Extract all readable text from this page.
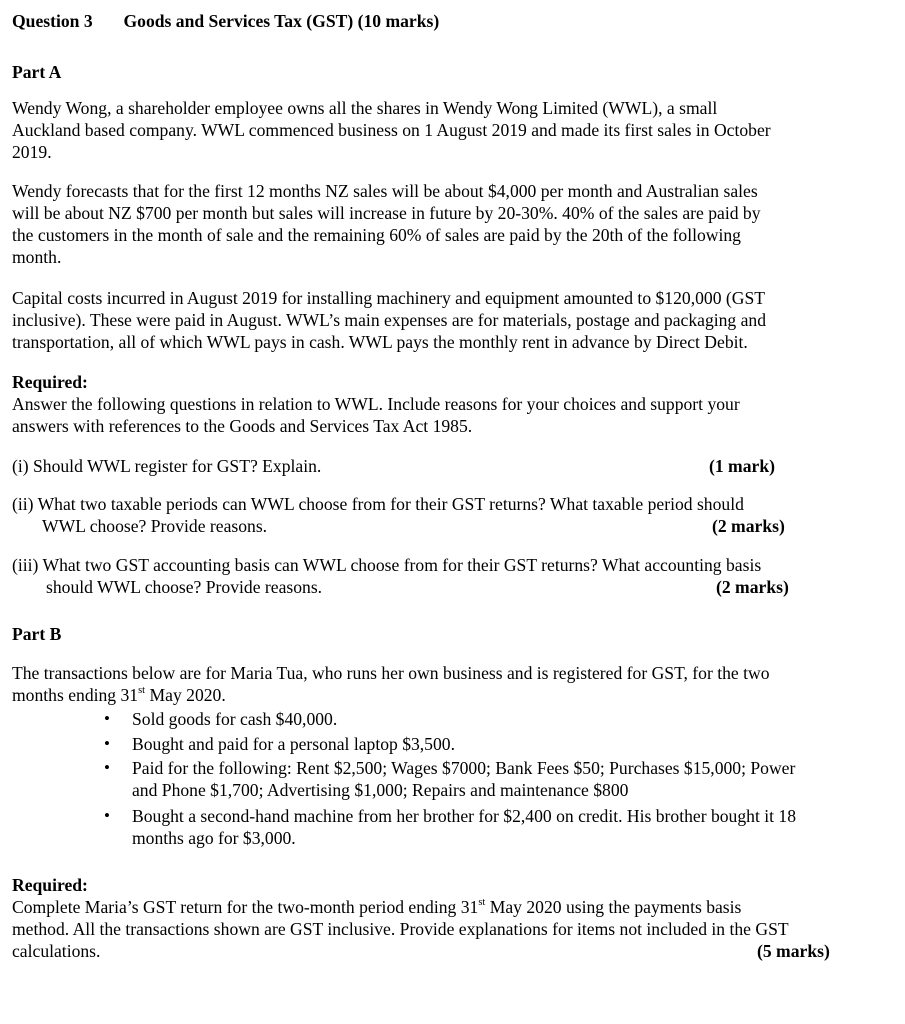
Question 3 Goods and Services Tax (GST) (10 marks)
Part A
Wendy Wong, a shareholder employee owns all the shares in Wendy Wong Limited (WWL), a small
Auckland based company. WWL commenced business on 1 August 2019 and made its first sales in October
2019.
Wendy forecasts that for the first 12 months NZ sales will be about $4,000 per month and Australian sales
will be about NZ $700 per month but sales will increase in future by 20-30%. 40% of the sales are paid by
the customers in the month of sale and the remaining 60% of sales are paid by the 20th of the following
month.
Capital costs incurred in August 2019 for installing machinery and equipment amounted to $120,000 (GST
inclusive). These were paid in August. WWL’s main expenses are for materials, postage and packaging and
transportation, all of which WWL pays in cash. WWL pays the monthly rent in advance by Direct Debit.
Required:
Answer the following questions in relation to WWL. Include reasons for your choices and support your
answers with references to the Goods and Services Tax Act 1985.
(i) Should WWL register for GST? Explain.	(1 mark)
(ii) What two taxable periods can WWL choose from for their GST returns? What taxable period should
WWL choose? Provide reasons.	(2 marks)
(iii) What two GST accounting basis can WWL choose from for their GST returns? What accounting basis
should WWL choose? Provide reasons.	(2 marks)
Part B
The transactions below are for Maria Tua, who runs her own business and is registered for GST, for the two
months ending 31st May 2020.
• Sold goods for cash $40,000.
• Bought and paid for a personal laptop $3,500.
• Paid for the following: Rent $2,500; Wages $7000; Bank Fees $50; Purchases $15,000; Power
and Phone $1,700; Advertising $1,000; Repairs and maintenance $800
• Bought a second-hand machine from her brother for $2,400 on credit. His brother bought it 18
months ago for $3,000.
Required:
Complete Maria’s GST return for the two-month period ending 31st May 2020 using the payments basis
method. All the transactions shown are GST inclusive. Provide explanations for items not included in the GST
calculations.	(5 marks)
